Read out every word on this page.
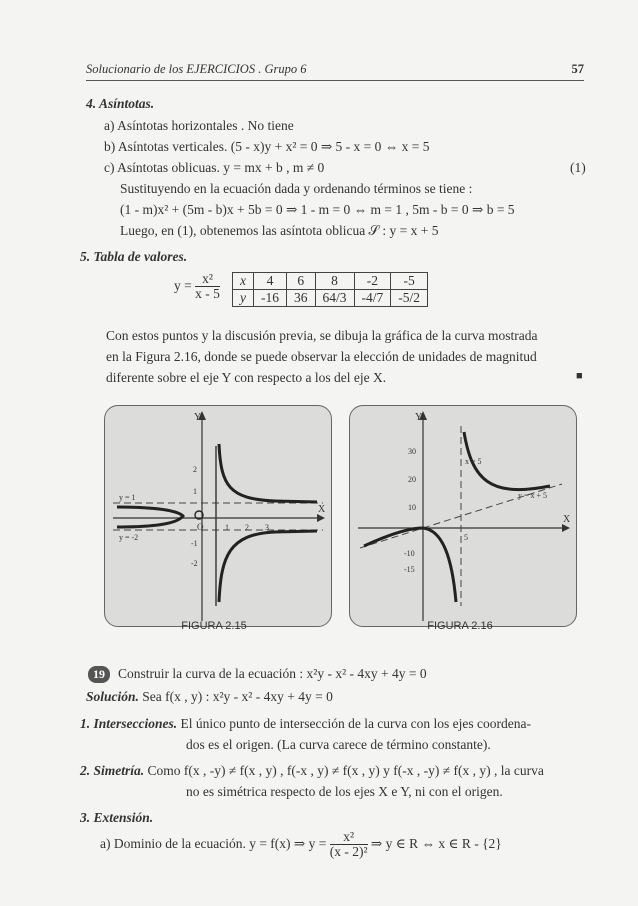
Solucionario de los EJERCICIOS . Grupo 6	57
4. Asíntotas.
a) Asíntotas horizontales . No tiene
b) Asíntotas verticales. (5 - x)y + x² = 0 ⇒ 5 - x = 0 ⇔ x = 5
c) Asíntotas oblicuas. y = mx + b , m ≠ 0	(1)
Sustituyendo en la ecuación dada y ordenando términos se tiene :
(1 - m)x² + (5m - b)x + 5b = 0 ⇒ 1 - m = 0 ⇔ m = 1 , 5m - b = 0 ⇒ b = 5
Luego, en (1), obtenemos las asíntota oblicua 𝒮 : y = x + 5
5. Tabla de valores.
$y = \frac{\text{x²}}{x - 5}$ x	4	6	8	-2	-5
y	-16	36	64/3	-4/7	-5/2
Con estos puntos y la discusión previa, se dibuja la gráfica de la curva mostrada
en la Figura 2.16, donde se puede observar la elección de unidades de magnitud
diferente sobre el eje Y con respecto a los del eje X.	■
X
Y
O
y = 1
y = -2
1 2 3
1
2
-1
-2
FIGURA 2.15
X
Y
x = 5
y = x + 5
30
20
10
-10
-15
5
FIGURA 2.16
19 Construir la curva de la ecuación : x²y - x² - 4xy + 4y = 0
Solución. Sea f(x , y) : x²y - x² - 4xy + 4y = 0
1. Intersecciones. El único punto de intersección de la curva con los ejes coordena-
dos es el origen. (La curva carece de término constante).
2. Simetría. Como f(x , -y) ≠ f(x , y) , f(-x , y) ≠ f(x , y) y f(-x , -y) ≠ f(x , y) , la curva
no es simétrica respecto de los ejes X e Y, ni con el origen.
3. Extensión.
a) Dominio de la ecuación. y = f(x) ⇒ $y = \frac{\text{x²}}{\text{(x - 2)²}}$ ⇒ y ∈ R ⇔ x ∈ R - {2}
